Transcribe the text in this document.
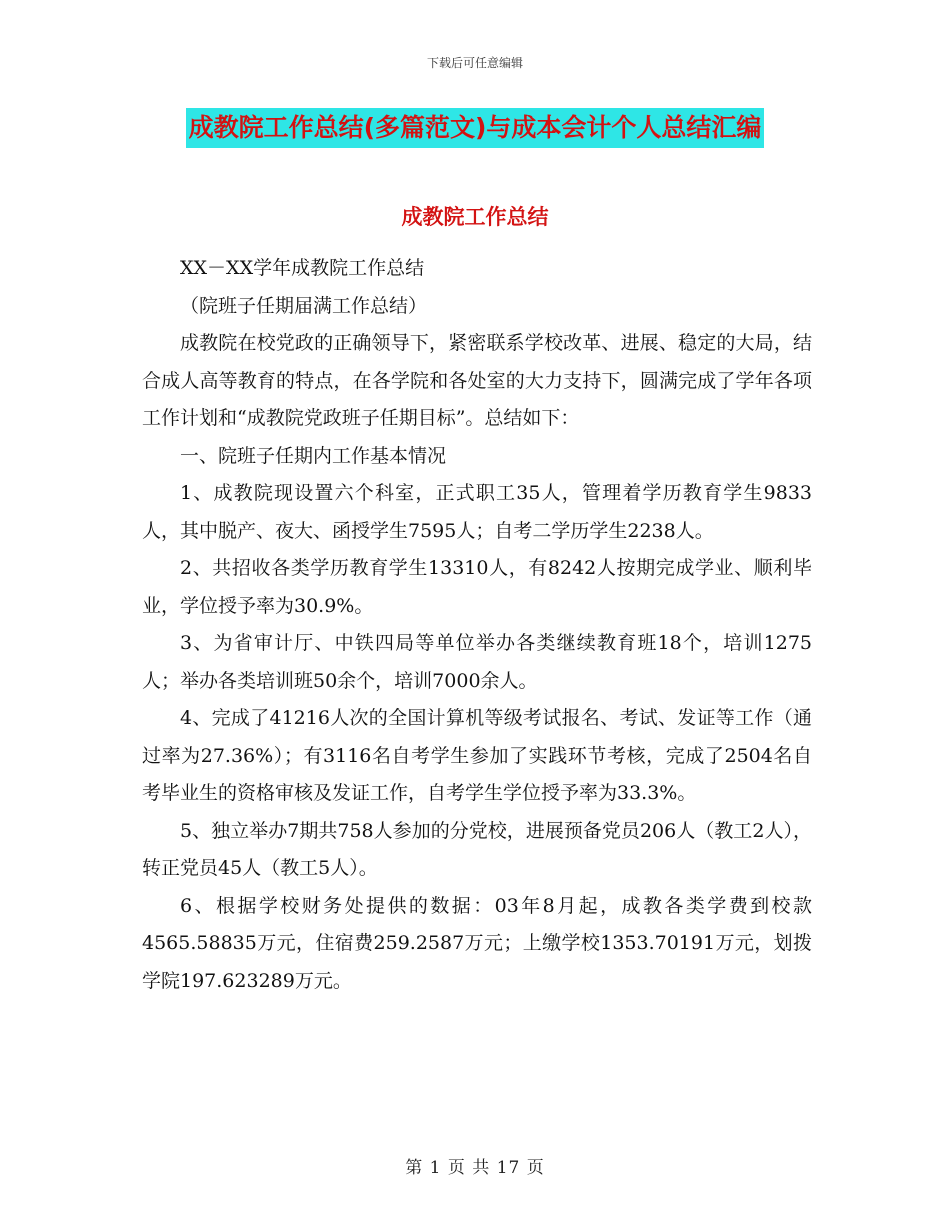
下载后可任意编辑
成教院工作总结(多篇范文)与成本会计个人总结汇编
成教院工作总结

XX－XX学年成教院工作总结

（院班子任期届满工作总结）

成教院在校党政的正确领导下，紧密联系学校改革、进展、稳定的大局，结合成人高等教育的特点，在各学院和各处室的大力支持下，圆满完成了学年各项工作计划和“成教院党政班子任期目标”。总结如下：

一、院班子任期内工作基本情况

1、成教院现设置六个科室，正式职工35人，管理着学历教育学生9833人，其中脱产、夜大、函授学生7595人；自考二学历学生2238人。

2、共招收各类学历教育学生13310人，有8242人按期完成学业、顺利毕业，学位授予率为30.9%。

3、为省审计厅、中铁四局等单位举办各类继续教育班18个，培训1275人；举办各类培训班50余个，培训7000余人。

4、完成了41216人次的全国计算机等级考试报名、考试、发证等工作（通过率为27.36%）；有3116名自考学生参加了实践环节考核，完成了2504名自考毕业生的资格审核及发证工作，自考学生学位授予率为33.3%。

5、独立举办7期共758人参加的分党校，进展预备党员206人（教工2人），转正党员45人（教工5人）。

6、根据学校财务处提供的数据：03年8月起，成教各类学费到校款4565.58835万元，住宿费259.2587万元；上缴学校1353.70191万元，划拨学院197.623289万元。

第 1 页 共 17 页
